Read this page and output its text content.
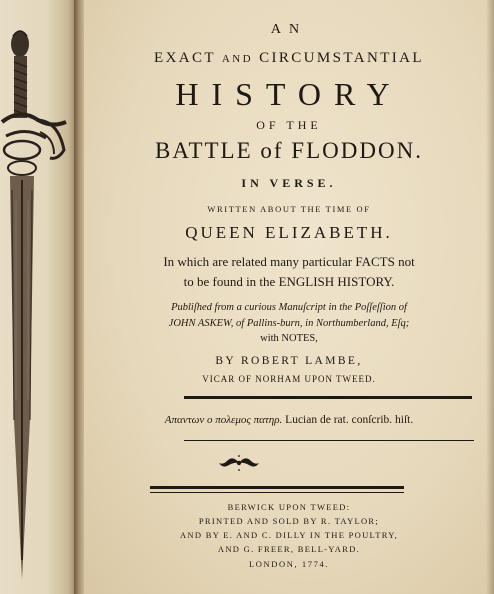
AN
EXACT AND CIRCUMSTANTIAL
HISTORY
OF THE
BATTLE of FLODDON.
IN VERSE.
WRITTEN ABOUT THE TIME OF
QUEEN ELIZABETH.
In which are related many particular FACTS not
to be found in the ENGLISH HISTORY.
Publiſhed from a curious Manuſcript in the Poſſeſſion of
JOHN ASKEW, of Pallins-burn, in Northumberland, Eſq;
with NOTES,
BY ROBERT LAMBE,
VICAR OF NORHAM UPON TWEED.
Απαντων ο πολεμος πατηρ. Lucian de rat. conſcrib. hiſt.
BERWICK UPON TWEED:
PRINTED AND SOLD BY R. TAYLOR;
AND BY E. AND C. DILLY IN THE POULTRY,
AND G. FREER, BELL-YARD.
LONDON, 1774.
